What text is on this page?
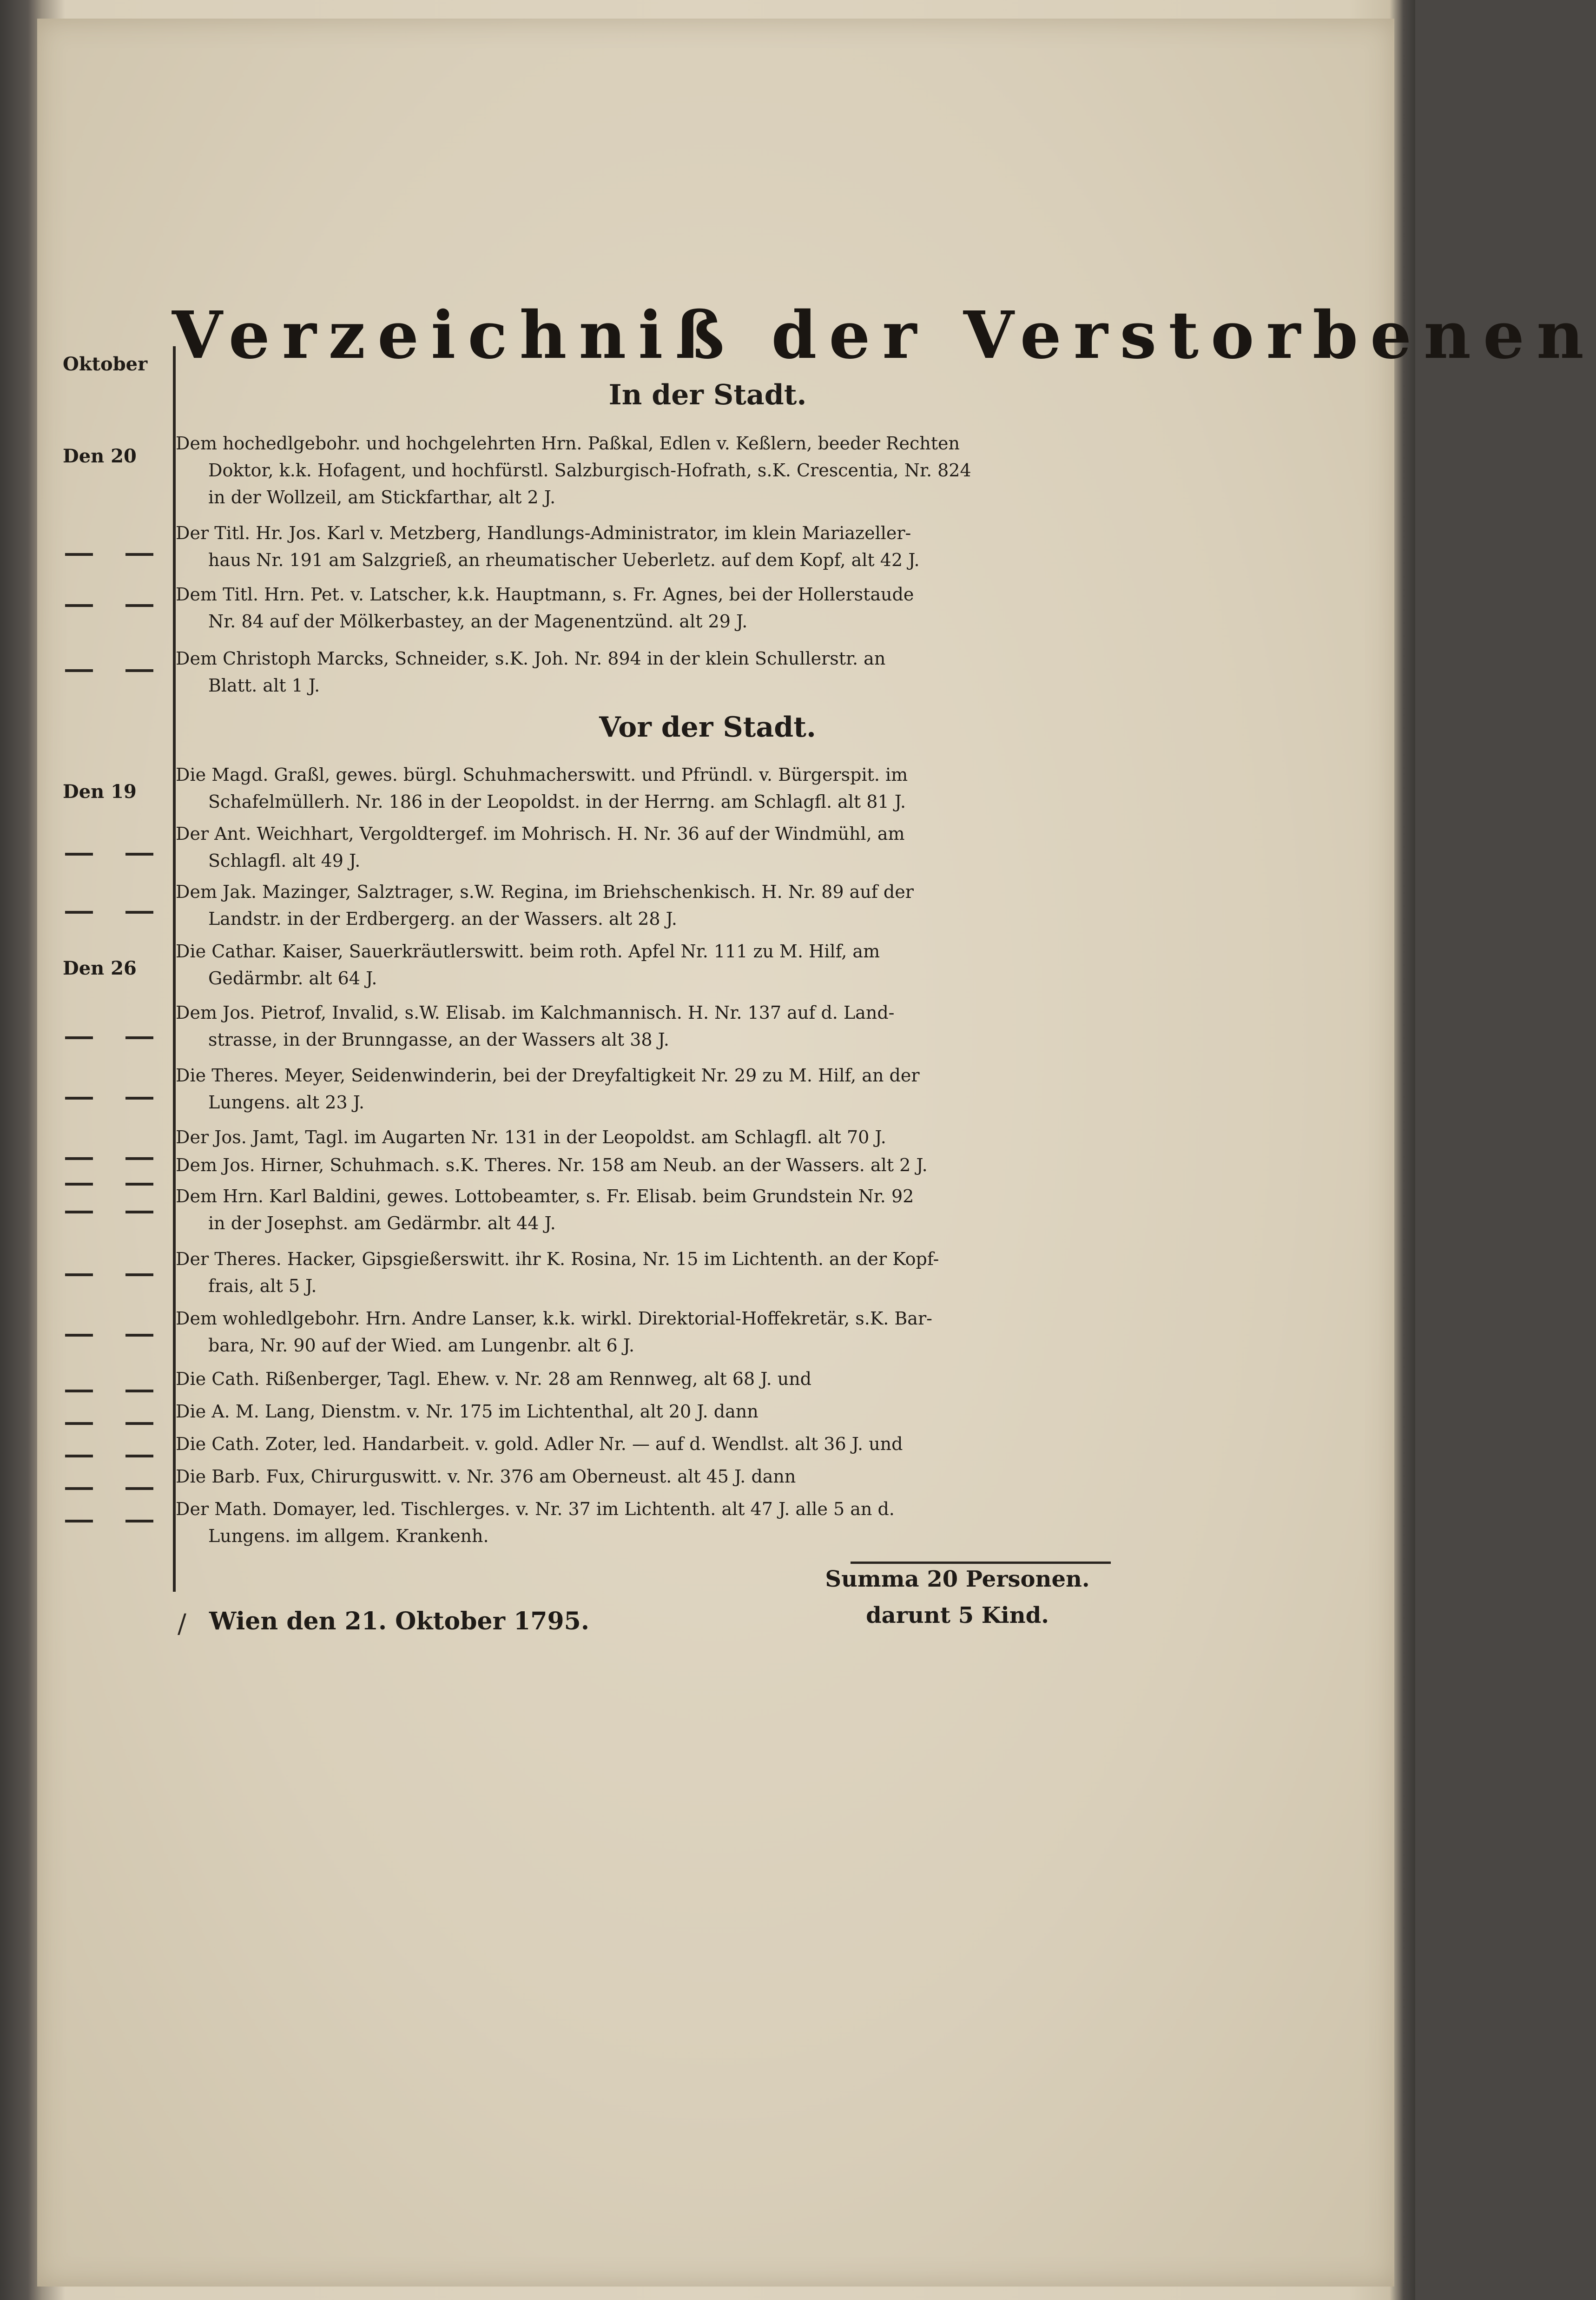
Oktober
Den 20
Den 19
Den 26
Verzeichniß der Verstorbenen
In der Stadt.
Dem hochedlgebohr. und hochgelehrten Hrn. Paßkal, Edlen v. Keßlern, beeder Rechten
Doktor, k.k. Hofagent, und hochfürstl. Salzburgisch-Hofrath, s.K. Crescentia, Nr. 824
in der Wollzeil, am Stickfarthar, alt 2 J.
Der Titl. Hr. Jos. Karl v. Metzberg, Handlungs-Administrator, im klein Mariazeller-
haus Nr. 191 am Salzgrieß, an rheumatischer Ueberletz. auf dem Kopf, alt 42 J.
Dem Titl. Hrn. Pet. v. Latscher, k.k. Hauptmann, s. Fr. Agnes, bei der Hollerstaude
Nr. 84 auf der Mölkerbastey, an der Magenentzünd. alt 29 J.
Dem Christoph Marcks, Schneider, s.K. Joh. Nr. 894 in der klein Schullerstr. an
Blatt. alt 1 J.
Vor der Stadt.
Die Magd. Graßl, gewes. bürgl. Schuhmacherswitt. und Pfründl. v. Bürgerspit. im
Schafelmüllerh. Nr. 186 in der Leopoldst. in der Herrng. am Schlagfl. alt 81 J.
Der Ant. Weichhart, Vergoldtergef. im Mohrisch. H. Nr. 36 auf der Windmühl, am
Schlagfl. alt 49 J.
Dem Jak. Mazinger, Salztrager, s.W. Regina, im Briehschenkisch. H. Nr. 89 auf der
Landstr. in der Erdbergerg. an der Wassers. alt 28 J.
Die Cathar. Kaiser, Sauerkräutlerswitt. beim roth. Apfel Nr. 111 zu M. Hilf, am
Gedärmbr. alt 64 J.
Dem Jos. Pietrof, Invalid, s.W. Elisab. im Kalchmannisch. H. Nr. 137 auf d. Land-
strasse, in der Brunngasse, an der Wassers alt 38 J.
Die Theres. Meyer, Seidenwinderin, bei der Dreyfaltigkeit Nr. 29 zu M. Hilf, an der
Lungens. alt 23 J.
Der Jos. Jamt, Tagl. im Augarten Nr. 131 in der Leopoldst. am Schlagfl. alt 70 J.
Dem Jos. Hirner, Schuhmach. s.K. Theres. Nr. 158 am Neub. an der Wassers. alt 2 J.
Dem Hrn. Karl Baldini, gewes. Lottobeamter, s. Fr. Elisab. beim Grundstein Nr. 92
in der Josephst. am Gedärmbr. alt 44 J.
Der Theres. Hacker, Gipsgießerswitt. ihr K. Rosina, Nr. 15 im Lichtenth. an der Kopf-
frais, alt 5 J.
Dem wohledlgebohr. Hrn. Andre Lanser, k.k. wirkl. Direktorial-Hoffekretär, s.K. Bar-
bara, Nr. 90 auf der Wied. am Lungenbr. alt 6 J.
Die Cath. Rißenberger, Tagl. Ehew. v. Nr. 28 am Rennweg, alt 68 J. und
Die A. M. Lang, Dienstm. v. Nr. 175 im Lichtenthal, alt 20 J. dann
Die Cath. Zoter, led. Handarbeit. v. gold. Adler Nr. — auf d. Wendlst. alt 36 J. und
Die Barb. Fux, Chirurguswitt. v. Nr. 376 am Oberneust. alt 45 J. dann
Der Math. Domayer, led. Tischlerges. v. Nr. 37 im Lichtenth. alt 47 J. alle 5 an d.
Lungens. im allgem. Krankenh.
Summa 20 Personen.
darunt 5 Kind.
/ Wien den 21. Oktober 1795.
